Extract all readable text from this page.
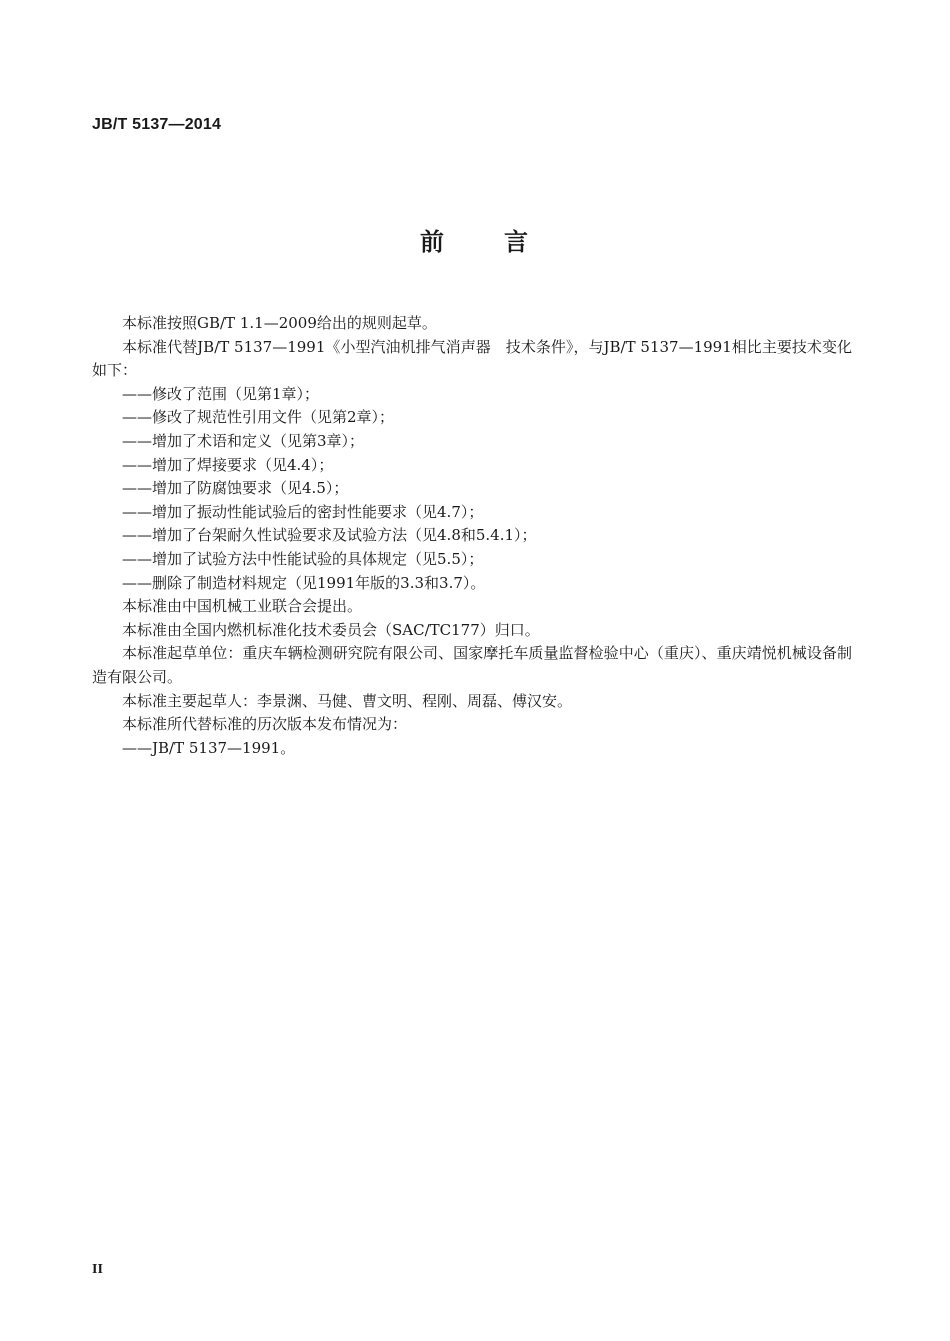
JB/T 5137—2014
前 言

本标准按照GB/T 1.1—2009给出的规则起草。

本标准代替JB/T 5137—1991《小型汽油机排气消声器　技术条件》，与JB/T 5137—1991相比主要技术变化如下：

——修改了范围（见第1章）；

——修改了规范性引用文件（见第2章）；

——增加了术语和定义（见第3章）；

——增加了焊接要求（见4.4）；

——增加了防腐蚀要求（见4.5）；

——增加了振动性能试验后的密封性能要求（见4.7）；

——增加了台架耐久性试验要求及试验方法（见4.8和5.4.1）；

——增加了试验方法中性能试验的具体规定（见5.5）；

——删除了制造材料规定（见1991年版的3.3和3.7）。

本标准由中国机械工业联合会提出。

本标准由全国内燃机标准化技术委员会（SAC/TC177）归口。

本标准起草单位：重庆车辆检测研究院有限公司、国家摩托车质量监督检验中心（重庆）、重庆靖悦机械设备制造有限公司。

本标准主要起草人：李景渊、马健、曹文明、程刚、周磊、傅汉安。

本标准所代替标准的历次版本发布情况为：

——JB/T 5137—1991。

II
